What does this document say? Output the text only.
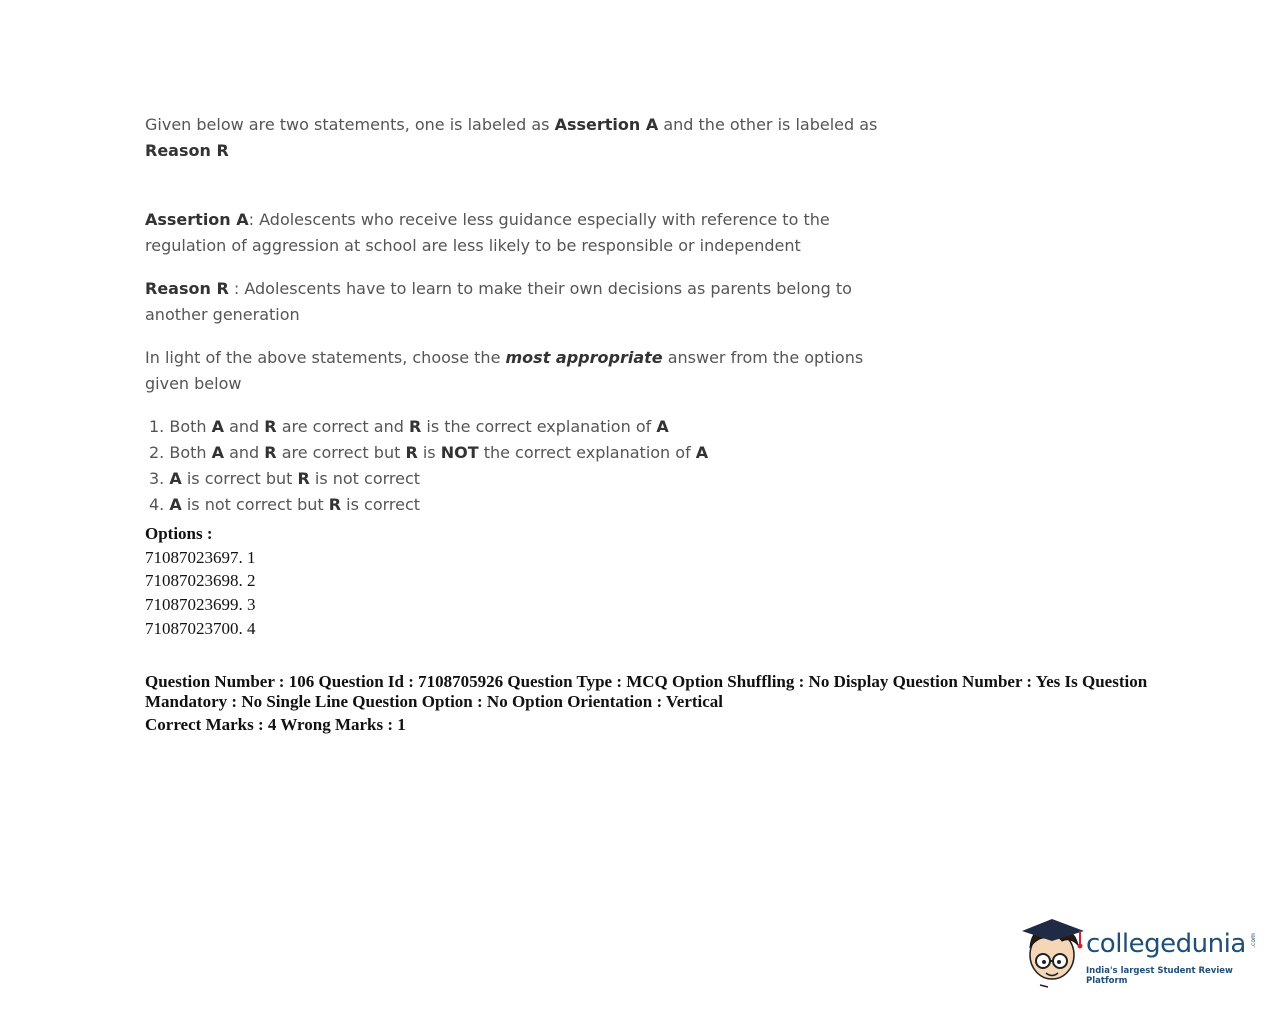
Given below are two statements, one is labeled as Assertion A and the other is labeled as
Reason R

Assertion A: Adolescents who receive less guidance especially with reference to the regulation of aggression at school are less likely to be responsible or independent

Reason R : Adolescents have to learn to make their own decisions as parents belong to another generation

In light of the above statements, choose the most appropriate answer from the options given below

1. Both A and R are correct and R is the correct explanation of A
2. Both A and R are correct but R is NOT the correct explanation of A
3. A is correct but R is not correct
4. A is not correct but R is correct
Options :
71087023697. 1
71087023698. 2
71087023699. 3
71087023700. 4
Question Number : 106 Question Id : 7108705926 Question Type : MCQ Option Shuffling : No Display Question Number : Yes Is Question Mandatory : No Single Line Question Option : No Option Orientation : Vertical
Correct Marks : 4 Wrong Marks : 1
collegedunia .com
India's largest Student Review Platform
